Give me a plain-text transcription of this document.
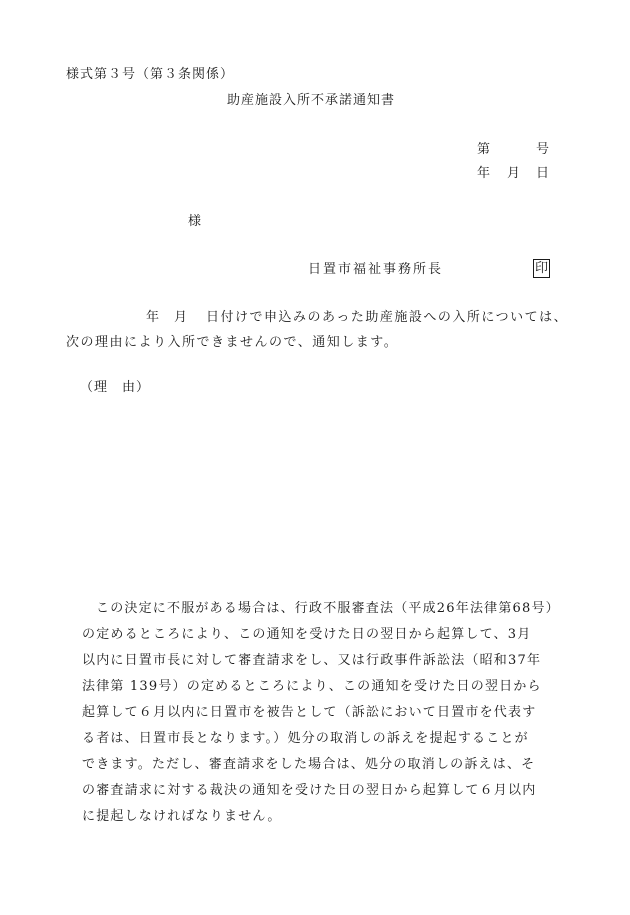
様式第３号（第３条関係）
助産施設入所不承諾通知書
第	号
年 月 日
様
日置市福祉事務所長	印
年 月 日付けで申込みのあった助産施設への入所については、
次の理由により入所できませんので、通知します。
（理　由）
この決定に不服がある場合は、行政不服審査法（平成26年法律第68号）
の定めるところにより、この通知を受けた日の翌日から起算して、3月
以内に日置市長に対して審査請求をし、又は行政事件訴訟法（昭和37年
法律第 139号）の定めるところにより、この通知を受けた日の翌日から
起算して６月以内に日置市を被告として（訴訟において日置市を代表す
る者は、日置市長となります。）処分の取消しの訴えを提起することが
できます。ただし、審査請求をした場合は、処分の取消しの訴えは、そ
の審査請求に対する裁決の通知を受けた日の翌日から起算して６月以内
に提起しなければなりません。
